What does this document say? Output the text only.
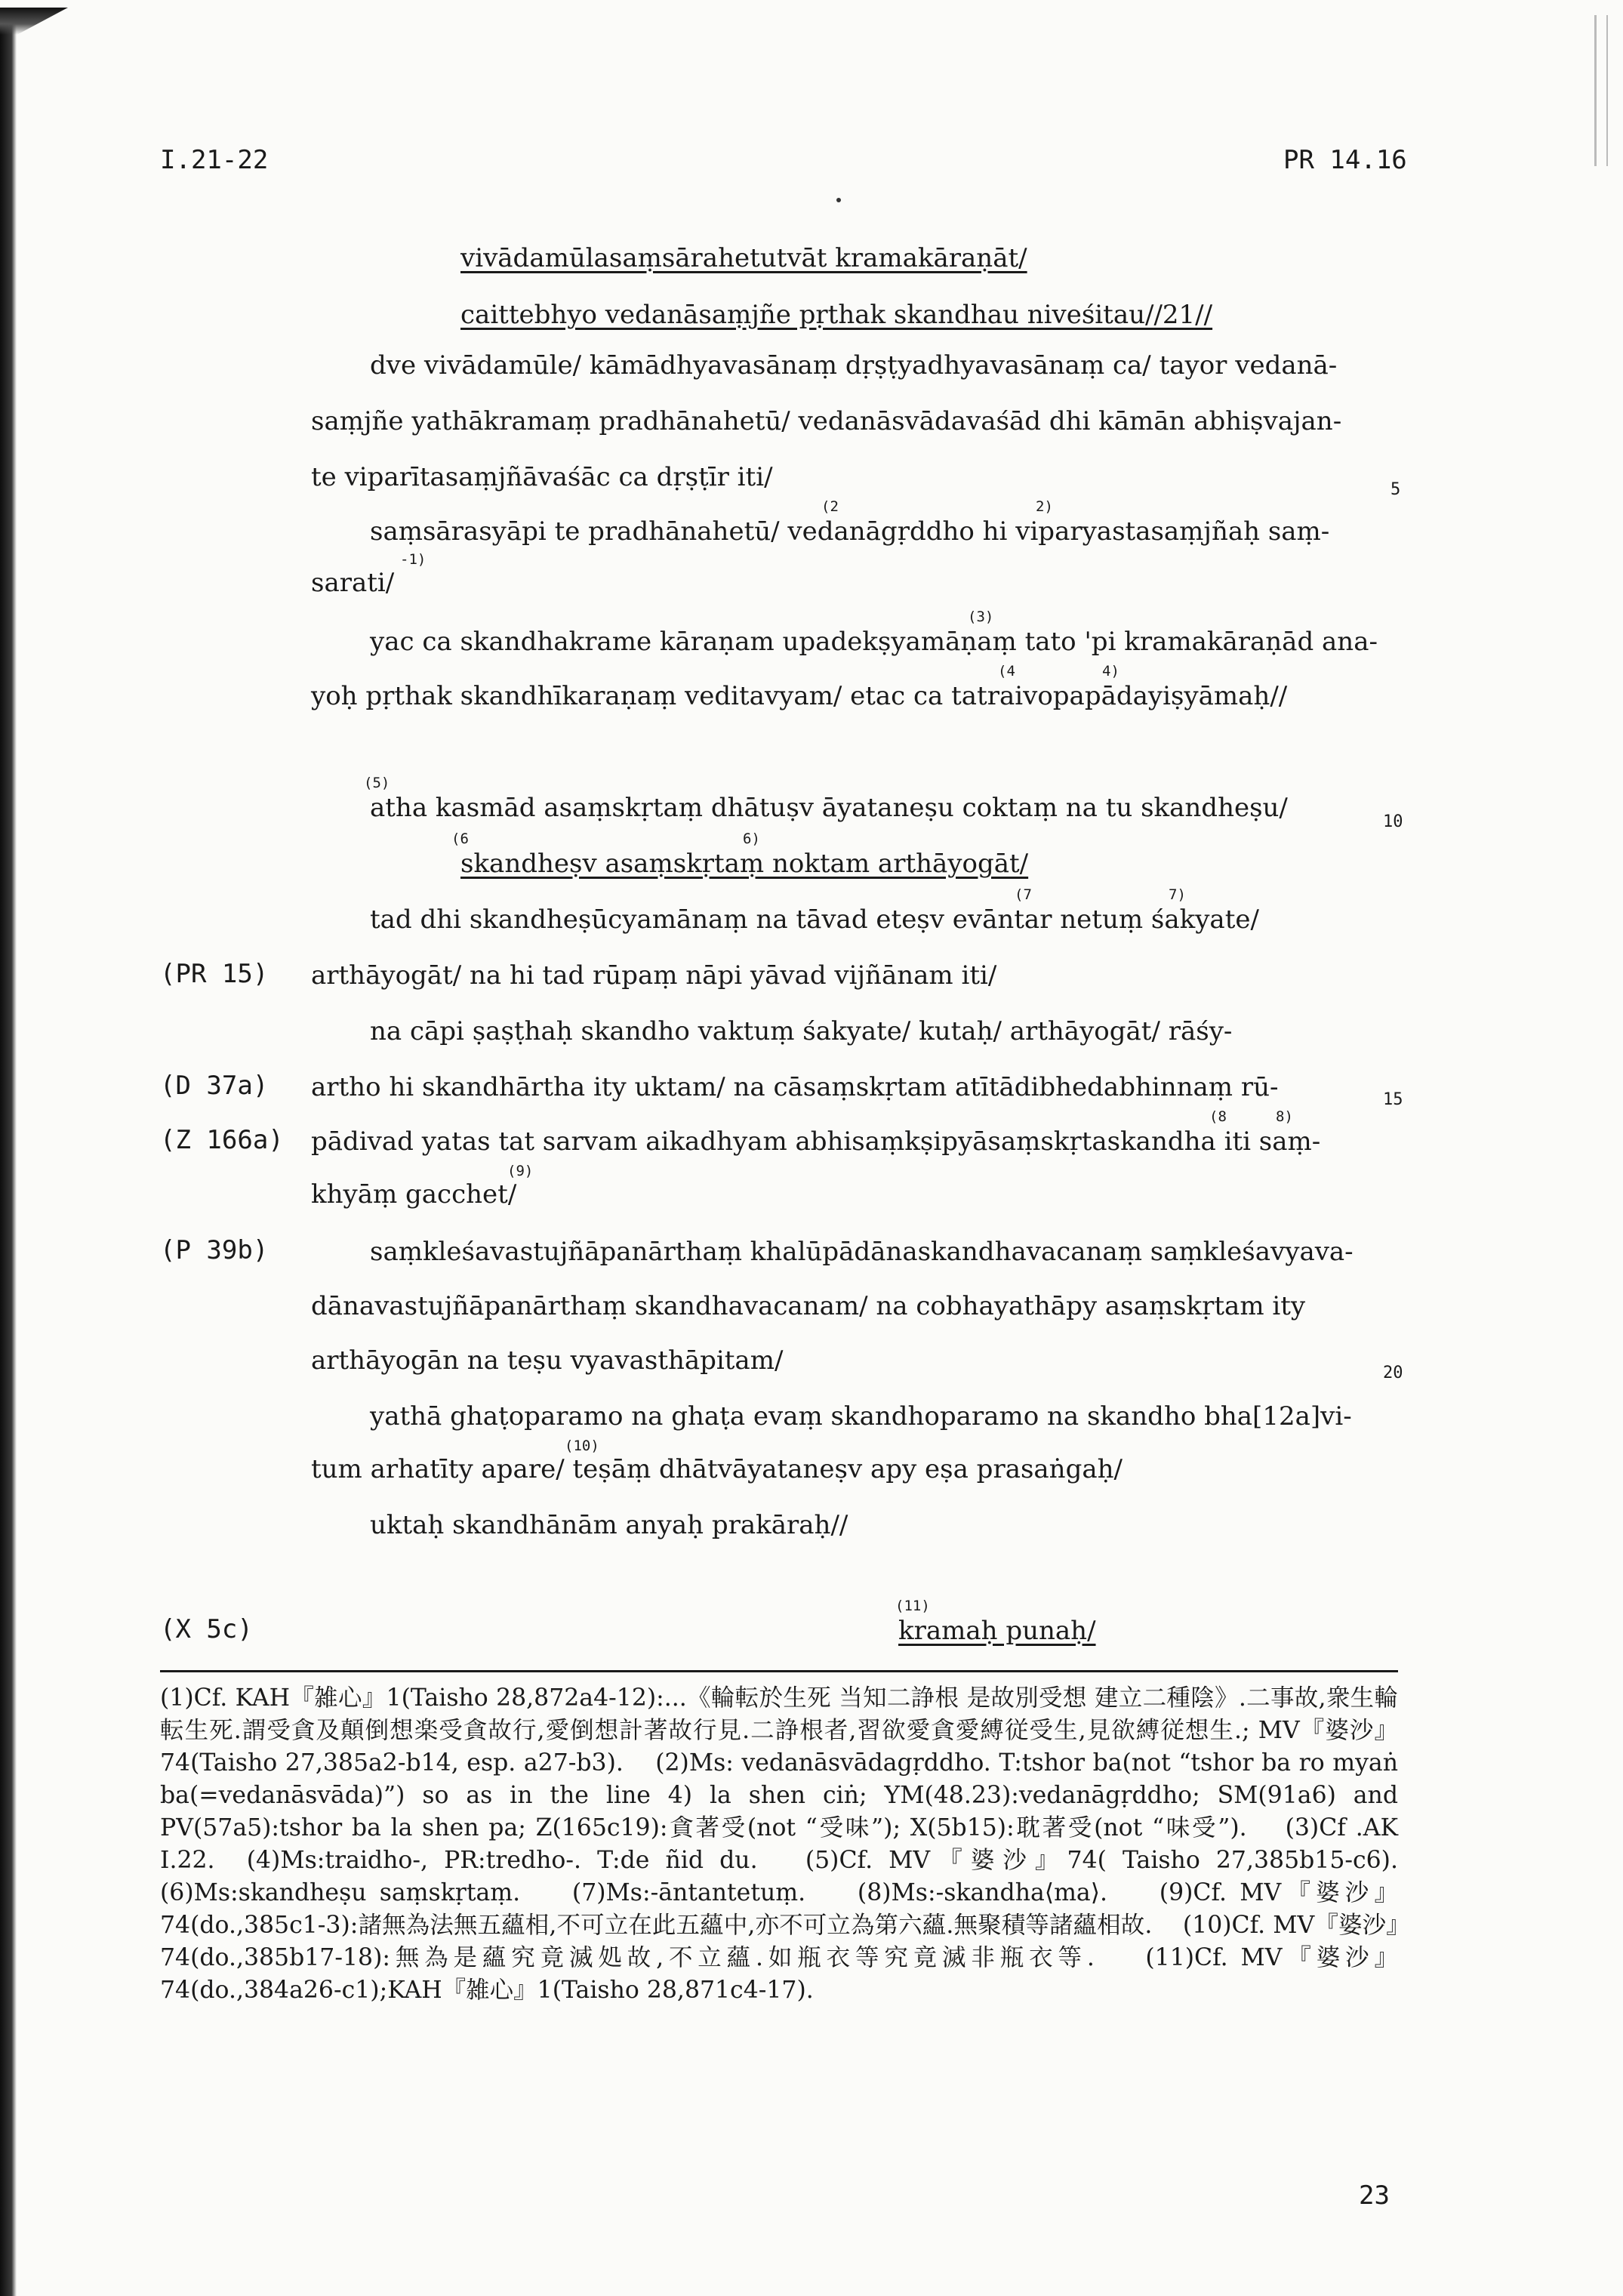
I.21-22	PR 14.16
vivādamūlasaṃsārahetutvāt kramakāraṇāt/
caittebhyo vedanāsaṃjñe pṛthak skandhau niveśitau//21//
dve vivādamūle/ kāmādhyavasānaṃ dṛṣṭyadhyavasānaṃ ca/ tayor vedanā-
saṃjñe yathākramaṃ pradhānahetū/ vedanāsvādavaśād dhi kāmān abhiṣvajan-
te viparītasaṃjñāvaśāc ca dṛṣṭīr iti/	5
(2	2)
saṃsārasyāpi te pradhānahetū/ vedanāgṛddho hi viparyastasaṃjñaḥ saṃ-
-1)
sarati/
(3)
yac ca skandhakrame kāraṇam upadekṣyamāṇaṃ tato 'pi kramakāraṇād ana-
(4	4)
yoḥ pṛthak skandhīkaraṇaṃ veditavyam/ etac ca tatraivopapādayiṣyāmaḥ//
(5)
atha kasmād asaṃskṛtaṃ dhātuṣv āyataneṣu coktaṃ na tu skandheṣu/	10
(6	6)
skandheṣv asaṃskṛtaṃ noktam arthāyogāt/
(7	7)
tad dhi skandheṣūcyamānaṃ na tāvad eteṣv evāntar netuṃ śakyate/
(PR 15) arthāyogāt/ na hi tad rūpaṃ nāpi yāvad vijñānam iti/
na cāpi ṣaṣṭhaḥ skandho vaktuṃ śakyate/ kutaḥ/ arthāyogāt/ rāśy-
(D 37a) artho hi skandhārtha ity uktam/ na cāsaṃskṛtam atītādibhedabhinnaṃ rū-	15
(8	8)
(Z 166a) pādivad yatas tat sarvam aikadhyam abhisaṃkṣipyāsaṃskṛtaskandha iti saṃ-
(9)
khyāṃ gacchet/
(P 39b)	saṃkleśavastujñāpanārthaṃ khalūpādānaskandhavacanaṃ saṃkleśavyava-
dānavastujñāpanārthaṃ skandhavacanam/ na cobhayathāpy asaṃskṛtam ity
arthāyogān na teṣu vyavasthāpitam/	20
yathā ghaṭoparamo na ghaṭa evaṃ skandhoparamo na skandho bha[12a]vi-
(10)
tum arhatīty apare/ teṣāṃ dhātvāyataneṣv apy eṣa prasaṅgaḥ/
uktaḥ skandhānām anyaḥ prakāraḥ//
(11)
(X 5c)	kramaḥ punaḥ/
(1)Cf. KAH『雑心』1(Taisho 28,872a4-12):...《輪転於生死 当知二諍根 是故別受想 建立二種陰》.二事故,衆生輪転生死.謂受貪及顛倒想楽受貪故行,愛倒想計著故行見.二諍根者,習欲愛貪愛縛従受生,見欲縛従想生.; MV『婆沙』74(Taisho 27,385a2-b14, esp. a27-b3).    (2)Ms: vedanāsvādagṛddho. T:tshor ba(not “tshor ba ro myaṅ ba(=vedanāsvāda)”) so as in the line 4) la shen ciṅ; YM(48.23):vedanāgṛddho; SM(91a6) and PV(57a5):tshor ba la shen pa; Z(165c19):貪著受(not “受味”); X(5b15):耽著受(not “味受”).    (3)Cf .AK I.22.  (4)Ms:traidho-, PR:tredho-. T:de ñid du.   (5)Cf. MV『婆沙』74( Taisho 27,385b15-c6).  (6)Ms:skandheṣu saṃskṛtaṃ.    (7)Ms:-āntantetuṃ.    (8)Ms:-skandha⟨ma⟩.    (9)Cf. MV『婆沙』74(do.,385c1-3):諸無為法無五蘊相,不可立在此五蘊中,亦不可立為第六蘊.無聚積等諸蘊相故.    (10)Cf. MV『婆沙』74(do.,385b17-18):無為是蘊究竟滅処故,不立蘊.如瓶衣等究竟滅非瓶衣等.    (11)Cf. MV『婆沙』74(do.,384a26-c1);KAH『雑心』1(Taisho 28,871c4-17).
23
